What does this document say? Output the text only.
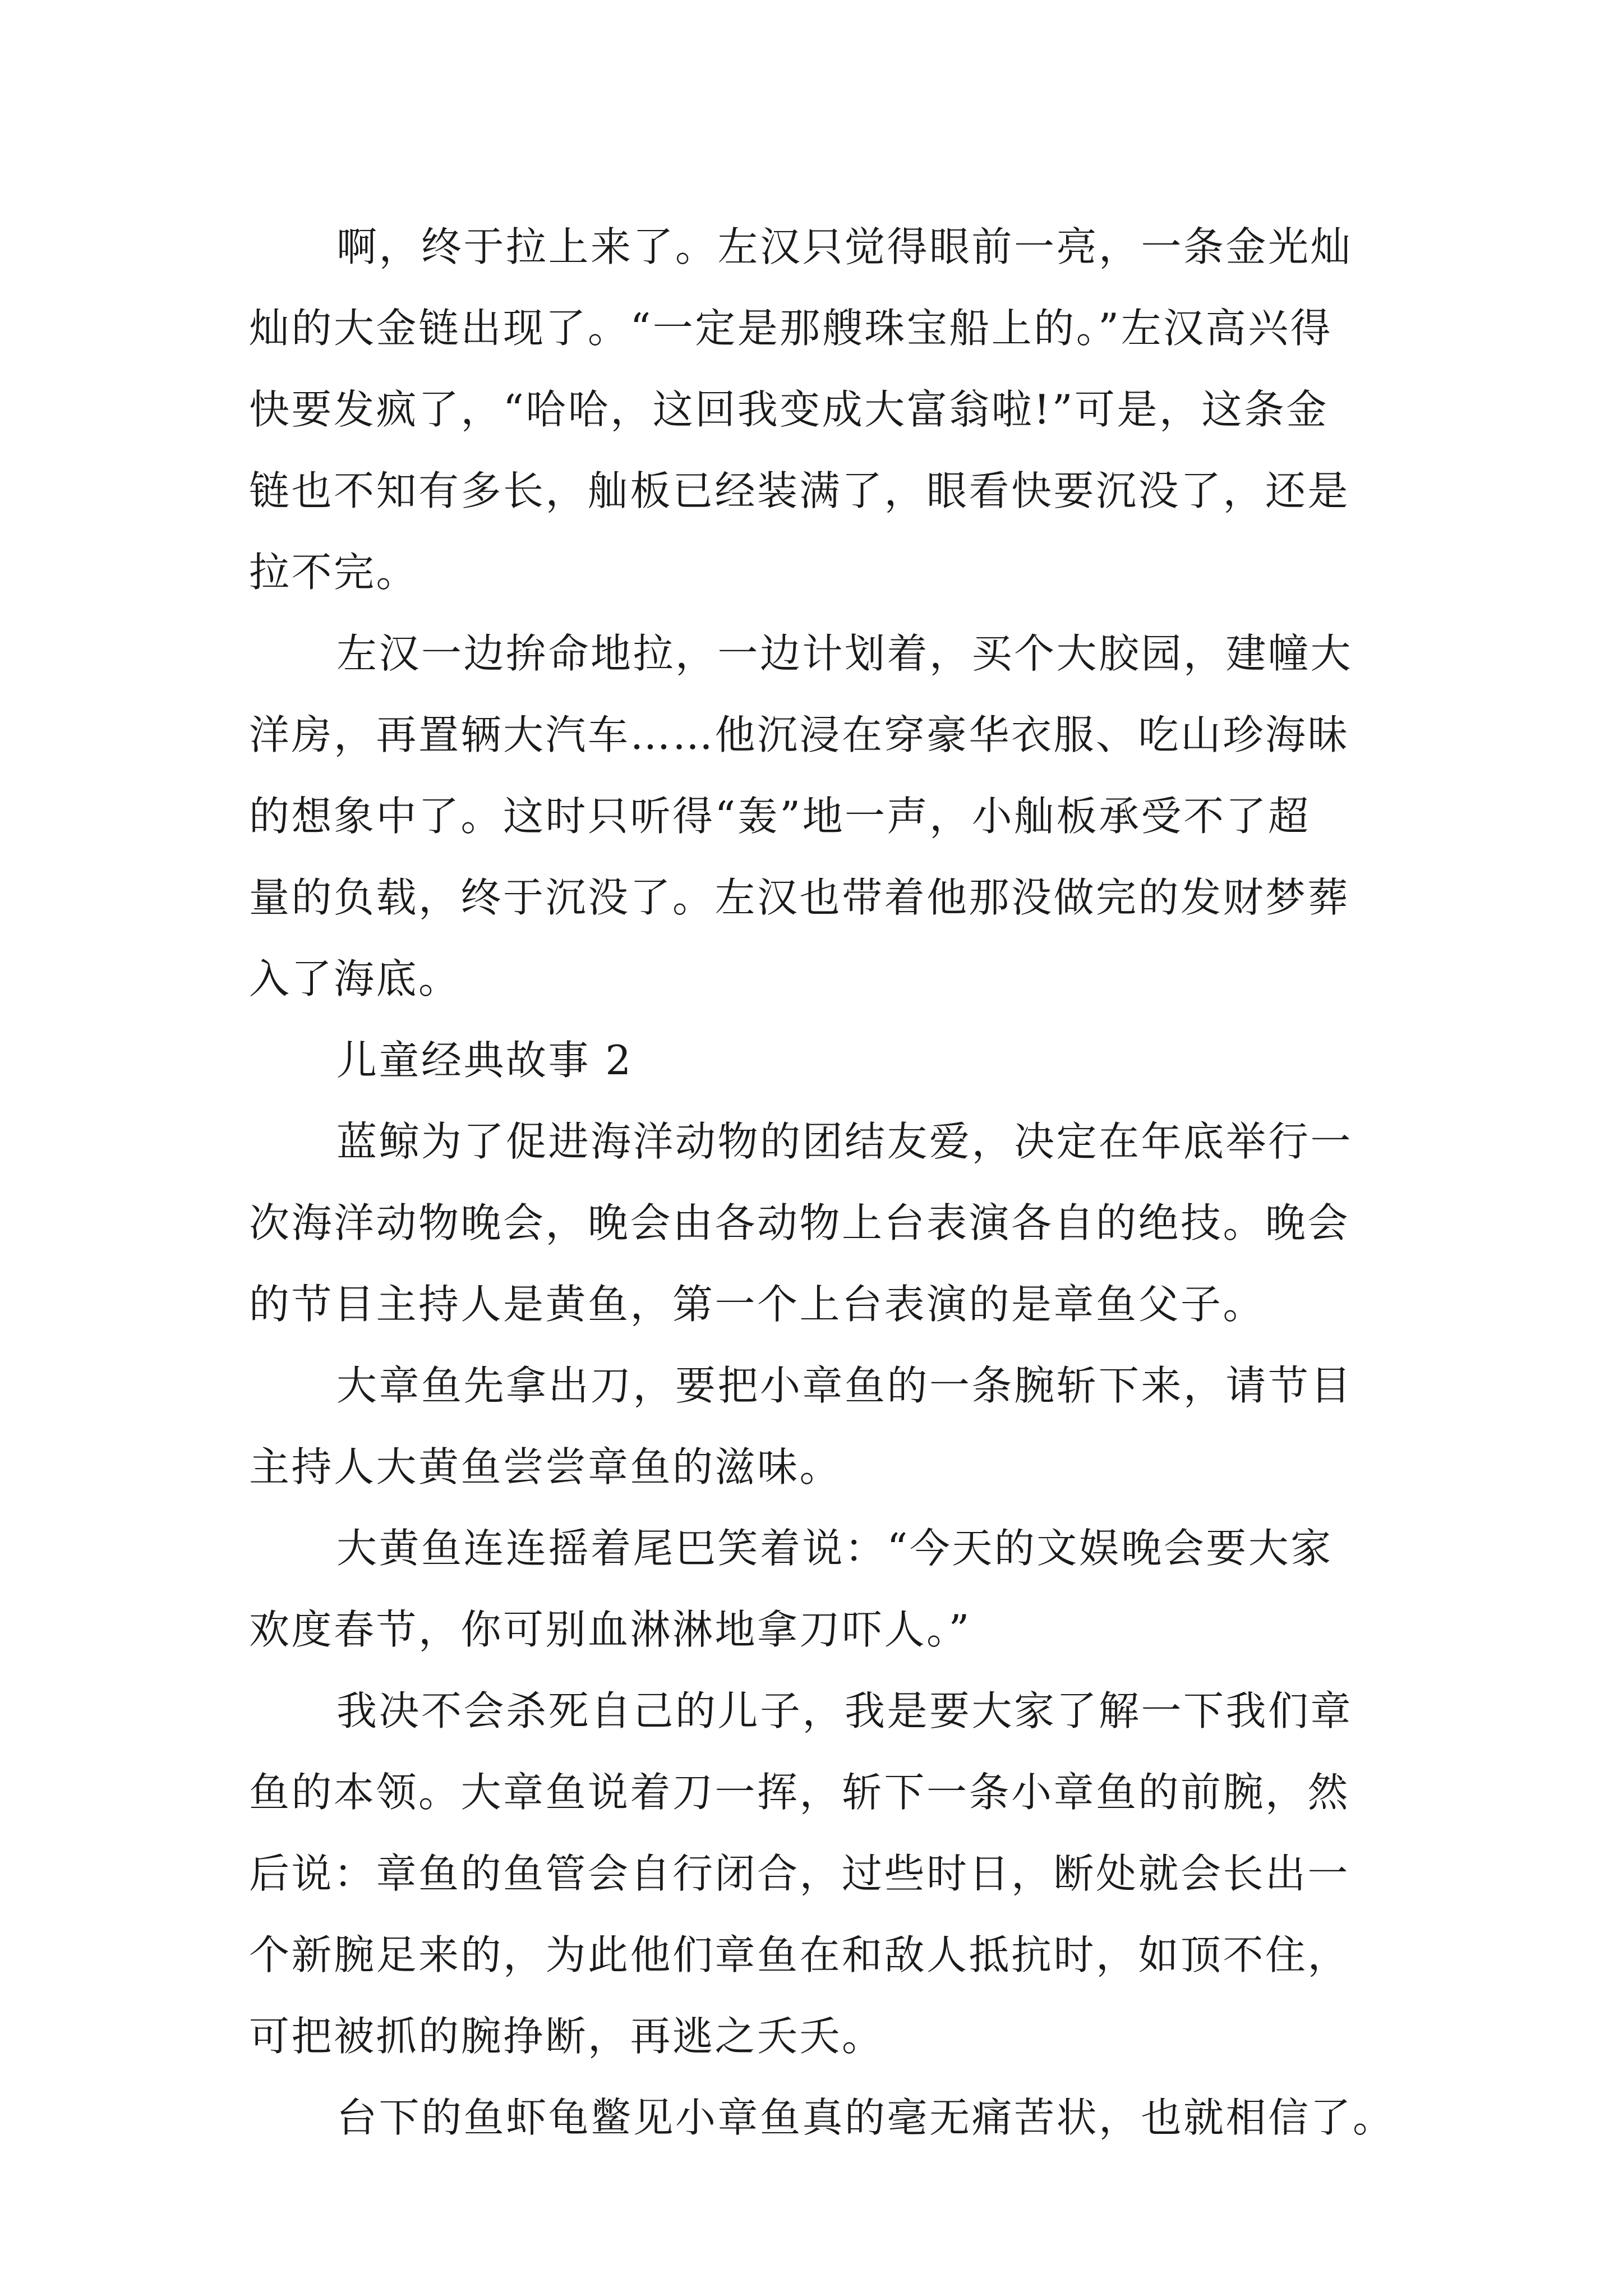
啊，终于拉上来了。左汉只觉得眼前一亮，一条金光灿

灿的大金链出现了。“一定是那艘珠宝船上的。”左汉高兴得

快要发疯了，“哈哈，这回我变成大富翁啦!”可是，这条金

链也不知有多长，舢板已经装满了，眼看快要沉没了，还是

拉不完。

左汉一边拚命地拉，一边计划着，买个大胶园，建幢大

洋房，再置辆大汽车……他沉浸在穿豪华衣服、吃山珍海昧

的想象中了。这时只听得“轰”地一声，小舢板承受不了超

量的负载，终于沉没了。左汉也带着他那没做完的发财梦葬

入了海底。

儿童经典故事 2

蓝鲸为了促进海洋动物的团结友爱，决定在年底举行一

次海洋动物晚会，晚会由各动物上台表演各自的绝技。晚会

的节目主持人是黄鱼，第一个上台表演的是章鱼父子。

大章鱼先拿出刀，要把小章鱼的一条腕斩下来，请节目

主持人大黄鱼尝尝章鱼的滋味。

大黄鱼连连摇着尾巴笑着说：“今天的文娱晚会要大家

欢度春节，你可别血淋淋地拿刀吓人。”

我决不会杀死自己的儿子，我是要大家了解一下我们章

鱼的本领。大章鱼说着刀一挥，斩下一条小章鱼的前腕，然

后说：章鱼的鱼管会自行闭合，过些时日，断处就会长出一

个新腕足来的，为此他们章鱼在和敌人抵抗时，如顶不住，

可把被抓的腕挣断，再逃之夭夭。

台下的鱼虾龟鳖见小章鱼真的毫无痛苦状，也就相信了。
